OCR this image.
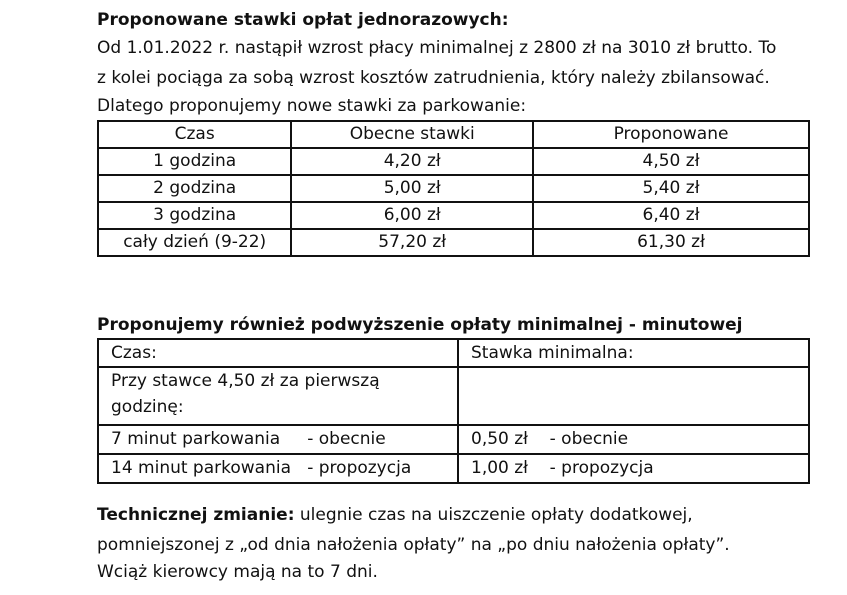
Proponowane stawki opłat jednorazowych:
Od 1.01.2022 r. nastąpił wzrost płacy minimalnej z 2800 zł na 3010 zł brutto. To
z kolei pociąga za sobą wzrost kosztów zatrudnienia, który należy zbilansować.
Dlatego proponujemy nowe stawki za parkowanie:
Czas	Obecne stawki	Proponowane
1 godzina	4,20 zł	4,50 zł
2 godzina	5,00 zł	5,40 zł
3 godzina	6,00 zł	6,40 zł
cały dzień (9-22)	57,20 zł	61,30 zł
Proponujemy również podwyższenie opłaty minimalnej - minutowej
Czas:	Stawka minimalna:
Przy stawce 4,50 zł za pierwszą godzinę:	
7 minut parkowania     - obecnie	0,50 zł    - obecnie
14 minut parkowania   - propozycja	1,00 zł    - propozycja
Technicznej zmianie: ulegnie czas na uiszczenie opłaty dodatkowej,
pomniejszonej z „od dnia nałożenia opłaty” na „po dniu nałożenia opłaty”.
Wciąż kierowcy mają na to 7 dni.
